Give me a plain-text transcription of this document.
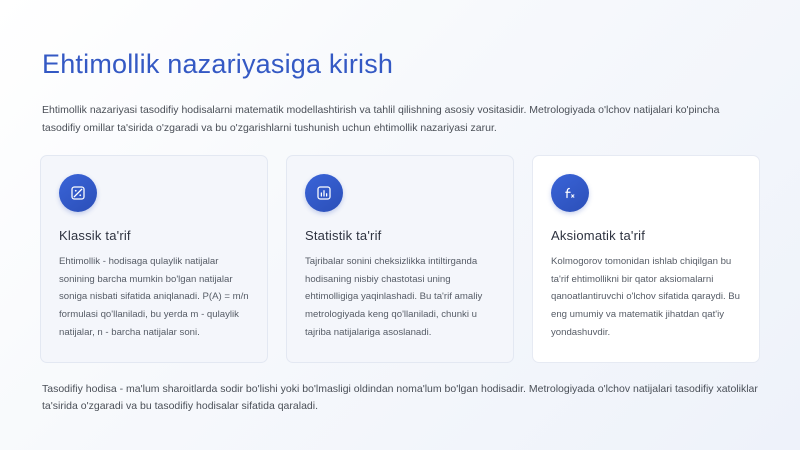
Ehtimollik nazariyasiga kirish

Ehtimollik nazariyasi tasodifiy hodisalarni matematik modellashtirish va tahlil qilishning asosiy vositasidir. Metrologiyada o'lchov natijalari ko'pincha tasodifiy omillar ta'sirida o'zgaradi va bu o'zgarishlarni tushunish uchun ehtimollik nazariyasi zarur.

Klassik ta'rif

Ehtimollik - hodisaga qulaylik natijalar sonining barcha mumkin bo'lgan natijalar soniga nisbati sifatida aniqlanadi. P(A) = m/n formulasi qo'llaniladi, bu yerda m - qulaylik natijalar, n - barcha natijalar soni.

Statistik ta'rif

Tajribalar sonini cheksizlikka intiltirganda hodisaning nisbiy chastotasi uning ehtimolligiga yaqinlashadi. Bu ta'rif amaliy metrologiyada keng qo'llaniladi, chunki u tajriba natijalariga asoslanadi.

Aksiomatik ta'rif

Kolmogorov tomonidan ishlab chiqilgan bu ta'rif ehtimollikni bir qator aksiomalarni qanoatlantiruvchi o'lchov sifatida qaraydi. Bu eng umumiy va matematik jihatdan qat'iy yondashuvdir.

Tasodifiy hodisa - ma'lum sharoitlarda sodir bo'lishi yoki bo'lmasligi oldindan noma'lum bo'lgan hodisadir. Metrologiyada o'lchov natijalari tasodifiy xatoliklar ta'sirida o'zgaradi va bu tasodifiy hodisalar sifatida qaraladi.
